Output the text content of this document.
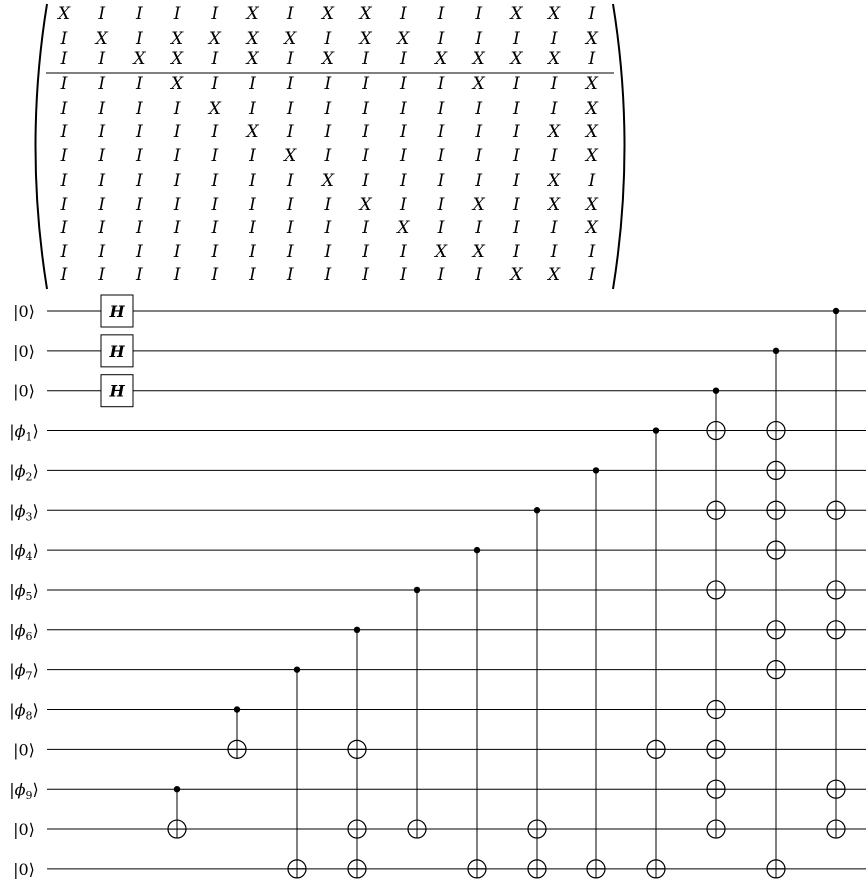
X I I I I X I X X I I I X X I
I X I X X X X I X X I I I I X
I I X X I X I X I I X X X X I
I I I X I I I I I I I X I I X
I I I I X I I I I I I I I I X
I I I I I X I I I I I I I X X
I I I I I I X I I I I I I I X
I I I I I I I X I I I I I X I
I I I I I I I I X I I X I X X
I I I I I I I I I X I I I I X
I I I I I I I I I I X X I I I
I I I I I I I I I I I I X X I
|0⟩
|0⟩
|0⟩
$|\phi_1⟩$
$|\phi_2⟩$
$|\phi_3⟩$
$|\phi_4⟩$
$|\phi_5⟩$
$|\phi_6⟩$
$|\phi_7⟩$
$|\phi_8⟩$
|0⟩
$|\phi_9⟩$
|0⟩
|0⟩
H
H
H
